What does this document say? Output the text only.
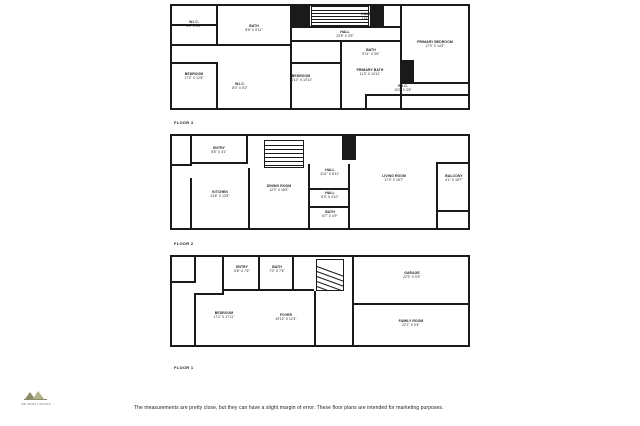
W.I.C.
6'5" X 4'4"	BATH
8'5" X 5'11"
LAUNDRY
7'11" X 3'6"
HALL
23'8" X 3'5"
BATH
9'11" X 3'6"
PRIMARY BEDROOM
17'3" X 14'3"
BEDROOM
17'2" X 12'5"
W.I.C.
8'0" X 5'2"
BEDROOM
11'10" X 10'11"
PRIMARY BATH
11'3" X 10'11"
W.I.C.
19'2" X 3'6"
FLOOR 3
ENTRY
6'8" X 4'1"
HALL
6'11" X 8'11"	LIVING ROOM
17'0" X 18'7"
BALCONY
4'1" X 18'7"
KITCHEN
13'6" X 12'5"
DINING ROOM
12'3" X 18'3"
HALL
6'0" X 4'10"
BATH
6'7" X 4'9"
FLOOR 2
ENTRY
6'8" X 7'6"
BATH
7'0" X 7'6"	GARAGE
22'0" X 9'9"
BEDROOM
17'2" X 17'11"
FOYER
19'10" X 12'3"	FAMILY ROOM
22'1" X 9'4"
FLOOR 1
The measurements are pretty close, but they can have a slight margin of error. These floor plans are intended for marketing purposes.
WE INSIST LISTINGS
